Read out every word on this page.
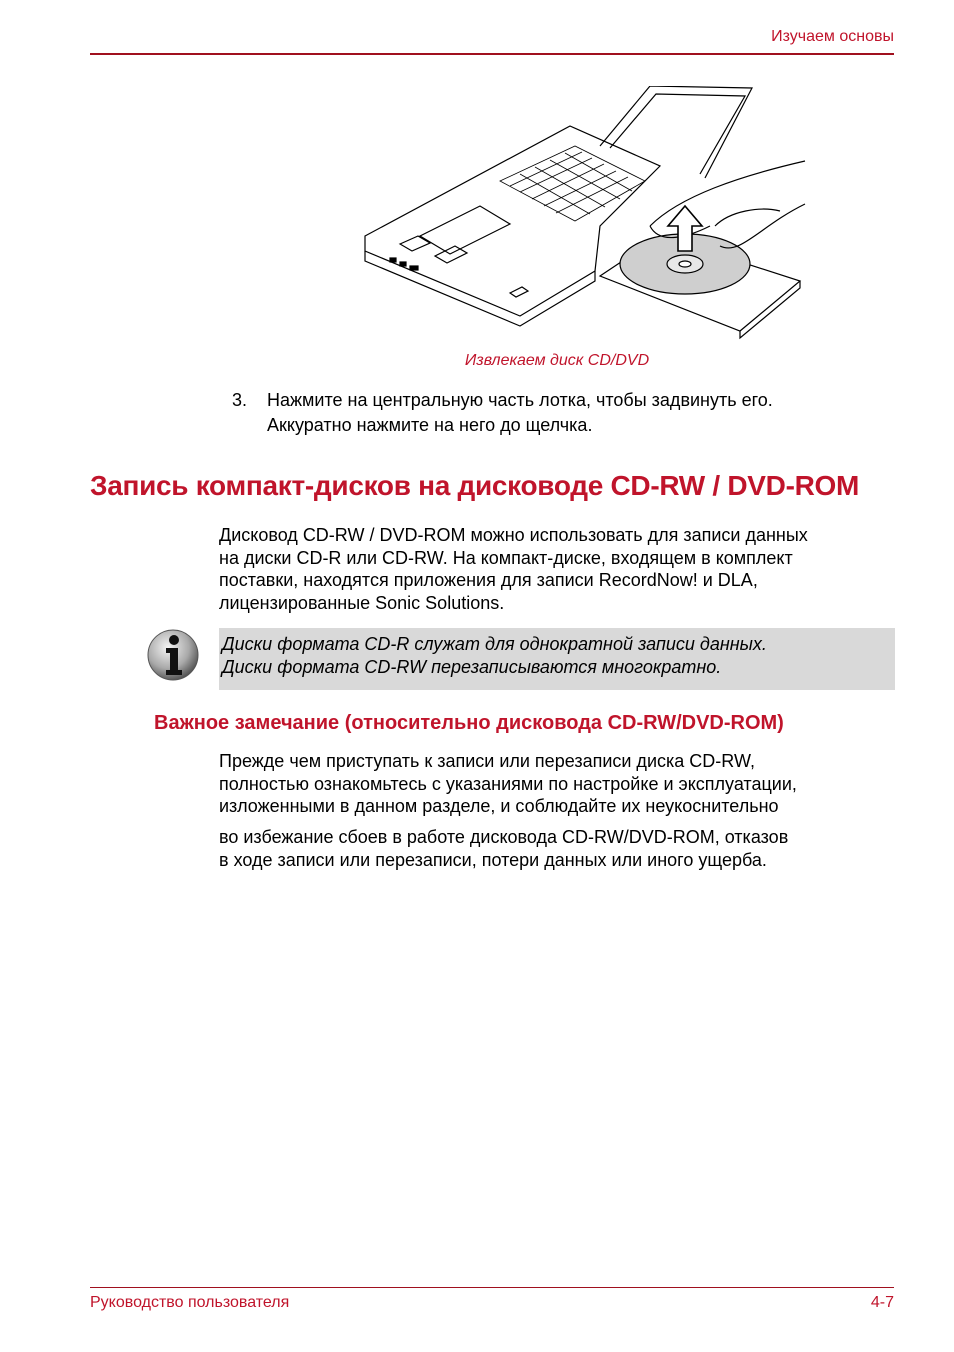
Изучаем основы
Извлекаем диск CD/DVD
3. Нажмите на центральную часть лотка, чтобы задвинуть его.
Аккуратно нажмите на него до щелчка.
Запись компакт-дисков на дисководе CD-RW / DVD-ROM
Дисковод CD-RW / DVD-ROM можно использовать для записи данных
на диски CD-R или CD-RW. На компакт-диске, входящем в комплект
поставки, находятся приложения для записи RecordNow! и DLA,
лицензированные Sonic Solutions.
Диски формата CD-R служат для однократной записи данных.
Диски формата CD-RW перезаписываются многократно.
Важное замечание (относительно дисковода CD-RW/DVD-ROM)
Прежде чем приступать к записи или перезаписи диска CD-RW,
полностью ознакомьтесь с указаниями по настройке и эксплуатации,
изложенными в данном разделе, и соблюдайте их неукоснительно
во избежание сбоев в работе дисковода CD-RW/DVD-ROM, отказов
в ходе записи или перезаписи, потери данных или иного ущерба.
Руководство пользователя	4-7
